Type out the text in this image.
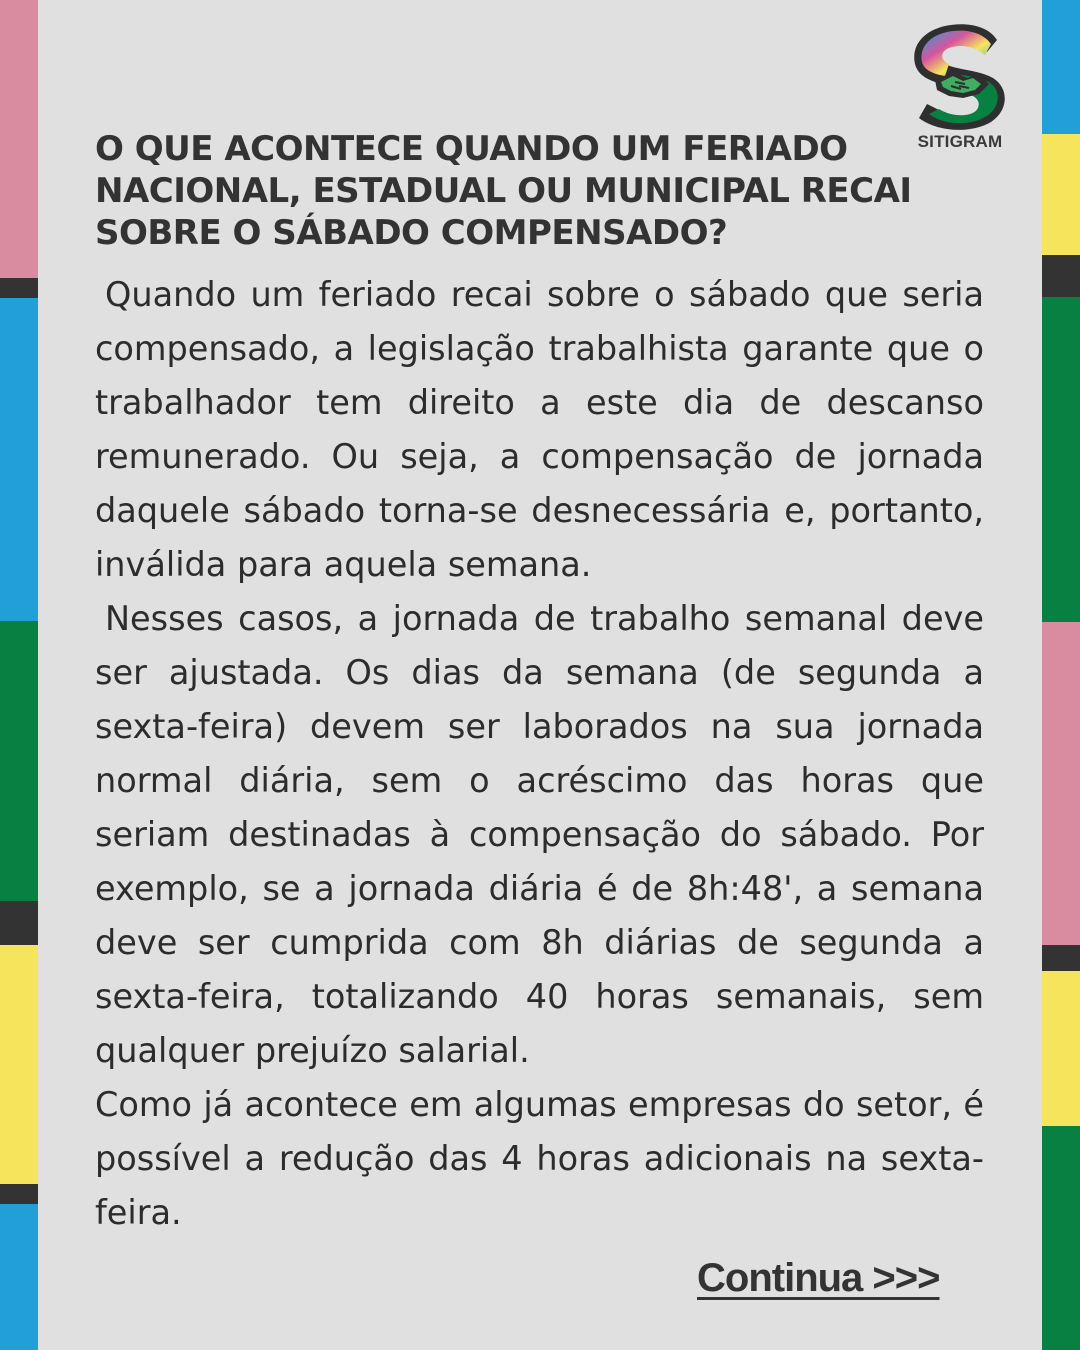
SITIGRAM
O QUE ACONTECE QUANDO UM FERIADO NACIONAL, ESTADUAL OU MUNICIPAL RECAI SOBRE O SÁBADO COMPENSADO?

Quando um feriado recai sobre o sábado que seria compensado, a legislação trabalhista garante que o trabalhador tem direito a este dia de descanso remunerado. Ou seja, a compensação de jornada daquele sábado torna-se desnecessária e, portanto, inválida para aquela semana.

Nesses casos, a jornada de trabalho semanal deve ser ajustada. Os dias da semana (de segunda a sexta-feira) devem ser laborados na sua jornada normal diária, sem o acréscimo das horas que seriam destinadas à compensação do sábado. Por exemplo, se a jornada diária é de 8h:48', a semana deve ser cumprida com 8h diárias de segunda a sexta-feira, totalizando 40 horas semanais, sem qualquer prejuízo salarial.

Como já acontece em algumas empresas do setor, é possível a redução das 4 horas adicionais na sexta-feira.

Continua >>>
